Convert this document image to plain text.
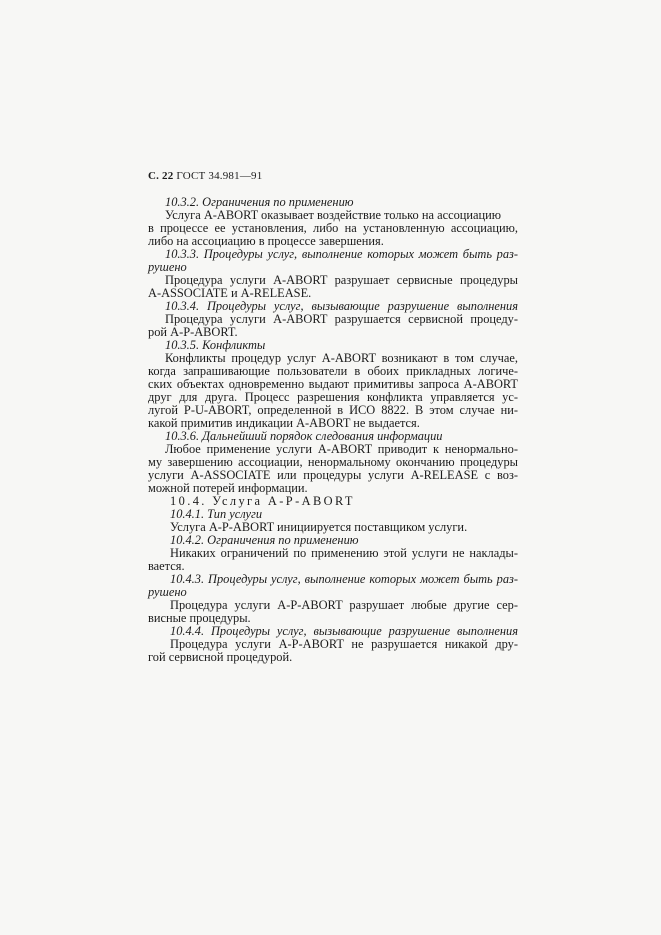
С. 22 ГОСТ 34.981—91
10.3.2. Ограничения по применению
Услуга A-ABORT оказывает воздействие только на ассоциацию
в процессе ее установления, либо на установленную ассоциацию,
либо на ассоциацию в процессе завершения.
10.3.3. Процедуры услуг, выполнение которых может быть раз-
рушено
Процедура услуги A-ABORT разрушает сервисные процедуры
A-ASSOCIATE и A-RELEASE.
10.3.4. Процедуры услуг, вызывающие разрушение выполнения
Процедура услуги A-ABORT разрушается сервисной процеду-
рой A-P-ABORT.
10.3.5. Конфликты
Конфликты процедур услуг A-ABORT возникают в том случае,
когда запрашивающие пользователи в обоих прикладных логиче-
ских объектах одновременно выдают примитивы запроса A-ABORT
друг для друга. Процесс разрешения конфликта управляется ус-
лугой P-U-ABORT, определенной в ИСО 8822. В этом случае ни-
какой примитив индикации A-ABORT не выдается.
10.3.6. Дальнейший порядок следования информации
Любое применение услуги A-ABORT приводит к ненормально-
му завершению ассоциации, ненормальному окончанию процедуры
услуги A-ASSOCIATE или процедуры услуги A-RELEASE с воз-
можной потерей информации.
10.4. Услуга A-P-ABORT
10.4.1. Тип услуги
Услуга A-P-ABORT инициируется поставщиком услуги.
10.4.2. Ограничения по применению
Никаких ограничений по применению этой услуги не наклады-
вается.
10.4.3. Процедуры услуг, выполнение которых может быть раз-
рушено
Процедура услуги A-P-ABORT разрушает любые другие сер-
висные процедуры.
10.4.4. Процедуры услуг, вызывающие разрушение выполнения
Процедура услуги A-P-ABORT не разрушается никакой дру-
гой сервисной процедурой.
